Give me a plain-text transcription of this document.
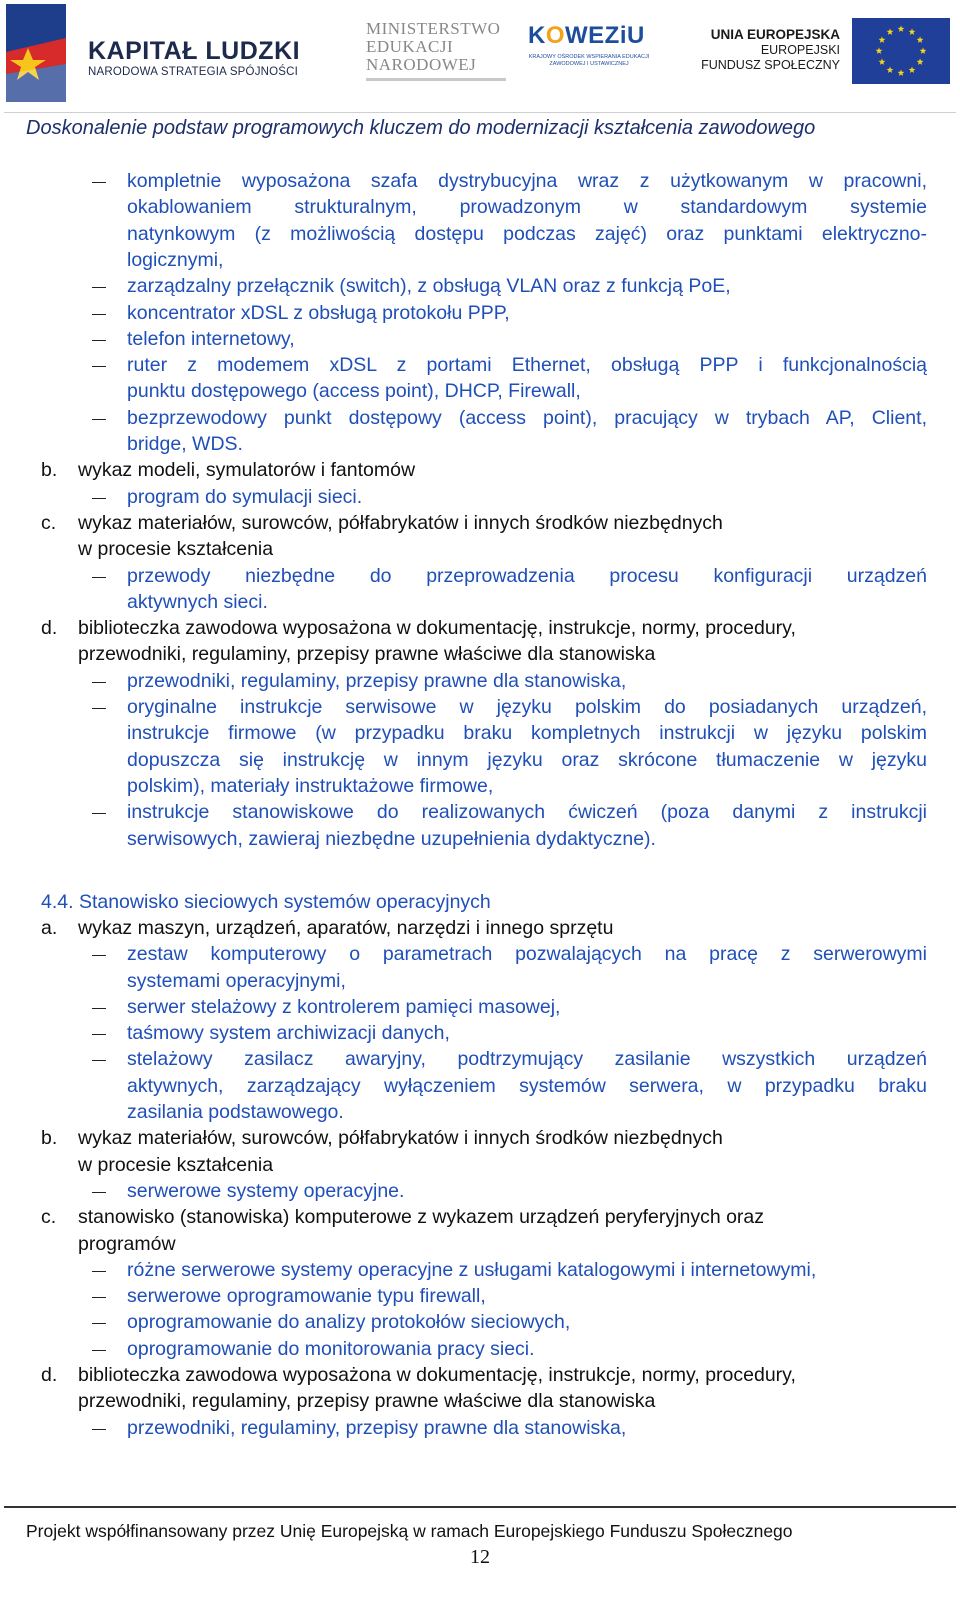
KAPITAŁ LUDZKI
NARODOWA STRATEGIA SPÓJNOŚCI
MINISTERSTWO
EDUKACJI
NARODOWEJ
KOWEZiU
KRAJOWY OŚRODEK WSPIERANIA EDUKACJI ZAWODOWEJ I USTAWICZNEJ
UNIA EUROPEJSKA
EUROPEJSKI
FUNDUSZ SPOŁECZNY
Doskonalenie podstaw programowych kluczem do modernizacji kształcenia zawodowego
kompletnie wyposażona szafa dystrybucyjna wraz z użytkowanym w pracowni,
okablowaniem strukturalnym, prowadzonym w standardowym systemie
natynkowym (z możliwością dostępu podczas zajęć) oraz punktami elektryczno-
logicznymi,
zarządzalny przełącznik (switch), z obsługą VLAN oraz z funkcją PoE,
koncentrator xDSL z obsługą protokołu PPP,
telefon internetowy,
ruter z modemem xDSL z portami Ethernet, obsługą PPP i funkcjonalnością
punktu dostępowego (access point), DHCP, Firewall,
bezprzewodowy punkt dostępowy (access point), pracujący w trybach AP, Client,
bridge, WDS.
b. wykaz modeli, symulatorów i fantomów
program do symulacji sieci.
c. wykaz materiałów, surowców, półfabrykatów i innych środków niezbędnych
w procesie kształcenia
przewody niezbędne do przeprowadzenia procesu konfiguracji urządzeń
aktywnych sieci.
d. biblioteczka zawodowa wyposażona w dokumentację, instrukcje, normy, procedury,
przewodniki, regulaminy, przepisy prawne właściwe dla stanowiska
przewodniki, regulaminy, przepisy prawne dla stanowiska,
oryginalne instrukcje serwisowe w języku polskim do posiadanych urządzeń,
instrukcje firmowe (w przypadku braku kompletnych instrukcji w języku polskim
dopuszcza się instrukcję w innym języku oraz skrócone tłumaczenie w języku
polskim), materiały instruktażowe firmowe,
instrukcje stanowiskowe do realizowanych ćwiczeń (poza danymi z instrukcji
serwisowych, zawieraj niezbędne uzupełnienia dydaktyczne).
4.4. Stanowisko sieciowych systemów operacyjnych
a. wykaz maszyn, urządzeń, aparatów, narzędzi i innego sprzętu
zestaw komputerowy o parametrach pozwalających na pracę z serwerowymi
systemami operacyjnymi,
serwer stelażowy z kontrolerem pamięci masowej,
taśmowy system archiwizacji danych,
stelażowy zasilacz awaryjny, podtrzymujący zasilanie wszystkich urządzeń
aktywnych, zarządzający wyłączeniem systemów serwera, w przypadku braku
zasilania podstawowego.
b. wykaz materiałów, surowców, półfabrykatów i innych środków niezbędnych
w procesie kształcenia
serwerowe systemy operacyjne.
c. stanowisko (stanowiska) komputerowe z wykazem urządzeń peryferyjnych oraz
programów
różne serwerowe systemy operacyjne z usługami katalogowymi i internetowymi,
serwerowe oprogramowanie typu firewall,
oprogramowanie do analizy protokołów sieciowych,
oprogramowanie do monitorowania pracy sieci.
d. biblioteczka zawodowa wyposażona w dokumentację, instrukcje, normy, procedury,
przewodniki, regulaminy, przepisy prawne właściwe dla stanowiska
przewodniki, regulaminy, przepisy prawne dla stanowiska,
Projekt współfinansowany przez Unię Europejską w ramach Europejskiego Funduszu Społecznego
12
